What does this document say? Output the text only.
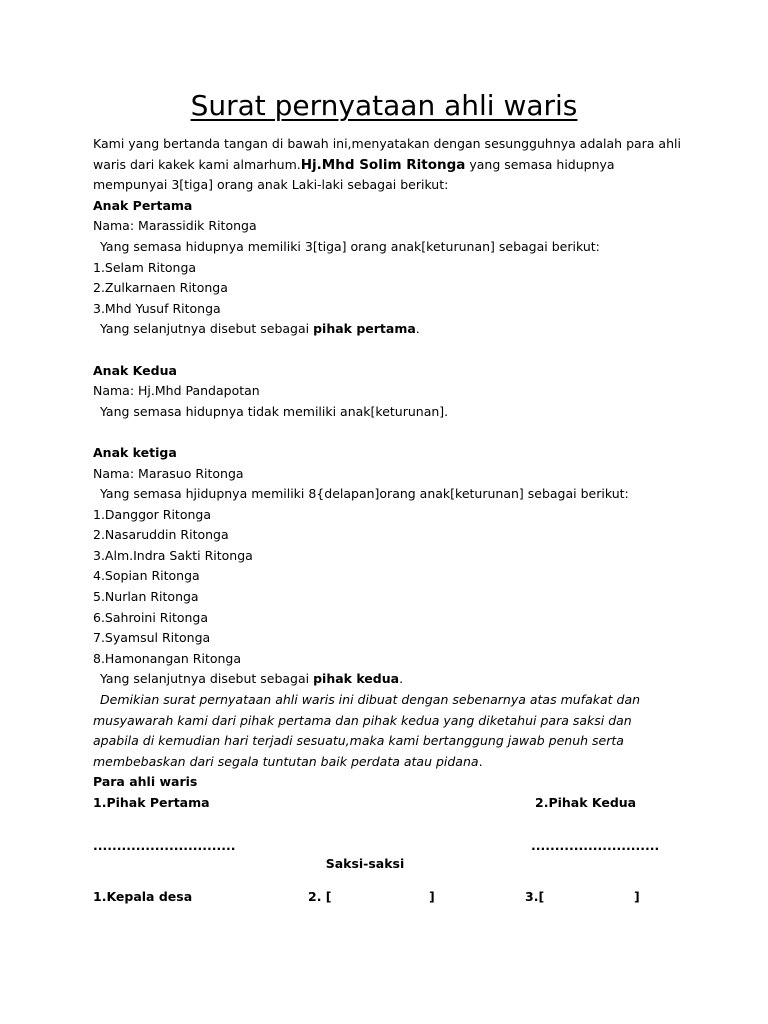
Surat pernyataan ahli waris
Kami yang bertanda tangan di bawah ini,menyatakan dengan sesungguhnya adalah para ahli
waris dari kakek kami almarhum.Hj.Mhd Solim Ritonga yang semasa hidupnya
mempunyai 3[tiga] orang anak Laki-laki sebagai berikut:
Anak Pertama
Nama: Marassidik Ritonga
Yang semasa hidupnya memiliki 3[tiga] orang anak[keturunan] sebagai berikut:
1.Selam Ritonga
2.Zulkarnaen Ritonga
3.Mhd Yusuf Ritonga
Yang selanjutnya disebut sebagai pihak pertama.
Anak Kedua
Nama: Hj.Mhd Pandapotan
Yang semasa hidupnya tidak memiliki anak[keturunan].
Anak ketiga
Nama: Marasuo Ritonga
Yang semasa hjidupnya memiliki 8{delapan]orang anak[keturunan] sebagai berikut:
1.Danggor Ritonga
2.Nasaruddin Ritonga
3.Alm.Indra Sakti Ritonga
4.Sopian Ritonga
5.Nurlan Ritonga
6.Sahroini Ritonga
7.Syamsul Ritonga
8.Hamonangan Ritonga
Yang selanjutnya disebut sebagai pihak kedua.
Demikian surat pernyataan ahli waris ini dibuat dengan sebenarnya atas mufakat dan
musyawarah kami dari pihak pertama dan pihak kedua yang diketahui para saksi dan
apabila di kemudian hari terjadi sesuatu,maka kami bertanggung jawab penuh serta
membebaskan dari segala tuntutan baik perdata atau pidana.
Para ahli waris
1.Pihak Pertama	2.Pihak Kedua
..............................	...........................
Saksi-saksi
1.Kepala desa	2. [	]	3.[	]
